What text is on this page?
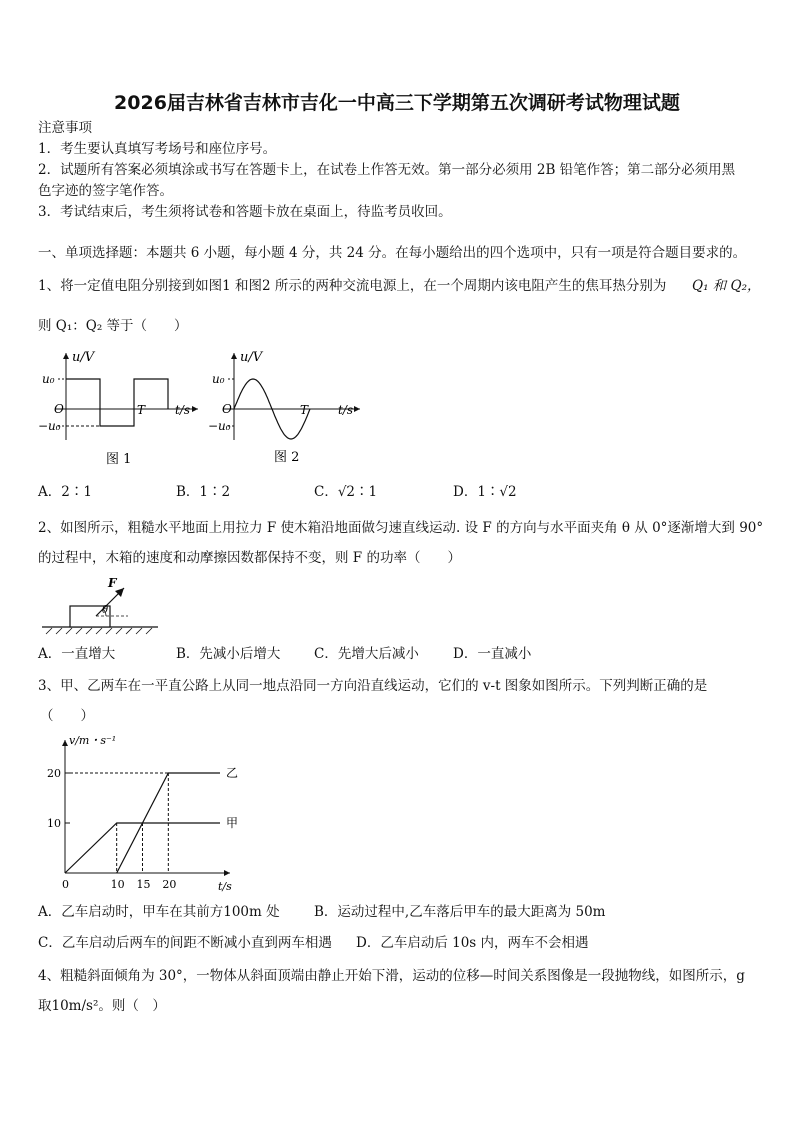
2026届吉林省吉林市吉化一中高三下学期第五次调研考试物理试题
注意事项
1．考生要认真填写考场号和座位序号。
2．试题所有答案必须填涂或书写在答题卡上，在试卷上作答无效。第一部分必须用 2B 铅笔作答；第二部分必须用黑
色字迹的签字笔作答。
3．考试结束后，考生须将试卷和答题卡放在桌面上，待监考员收回。
一、单项选择题：本题共 6 小题，每小题 4 分，共 24 分。在每小题给出的四个选项中，只有一项是符合题目要求的。
1、将一定值电阻分别接到如图1 和图2 所示的两种交流电源上，在一个周期内该电阻产生的焦耳热分别为 Q₁ 和 Q₂，
则 Q₁：Q₂ 等于（　　）
u/V
u₀
−u₀
O	T t/s
图 1
u/V
u₀
−u₀
O	T t/s
图 2
A．2∶1	B．1∶2	C．√2∶1	D．1∶√2
2、如图所示，粗糙水平地面上用拉力 F 使木箱沿地面做匀速直线运动. 设 F 的方向与水平面夹角 θ 从 0°逐渐增大到 90°
的过程中，木箱的速度和动摩擦因数都保持不变，则 F 的功率（　　）
F
θ
A．一直增大	B．先减小后增大 C．先增大后减小	D．一直减小
3、甲、乙两车在一平直公路上从同一地点沿同一方向沿直线运动，它们的 v-t 图象如图所示。下列判断正确的是
（　　）
10
20
0	10 15 20
v/m・s⁻¹
t/s
甲
乙
A．乙车启动时，甲车在其前方100m 处	B．运动过程中,乙车落后甲车的最大距离为 50m
C．乙车启动后两车的间距不断减小直到两车相遇 D．乙车启动后 10s 内，两车不会相遇
4、粗糙斜面倾角为 30°，一物体从斜面顶端由静止开始下滑，运动的位移—时间关系图像是一段抛物线，如图所示，g
取10m/s²。则（　）
